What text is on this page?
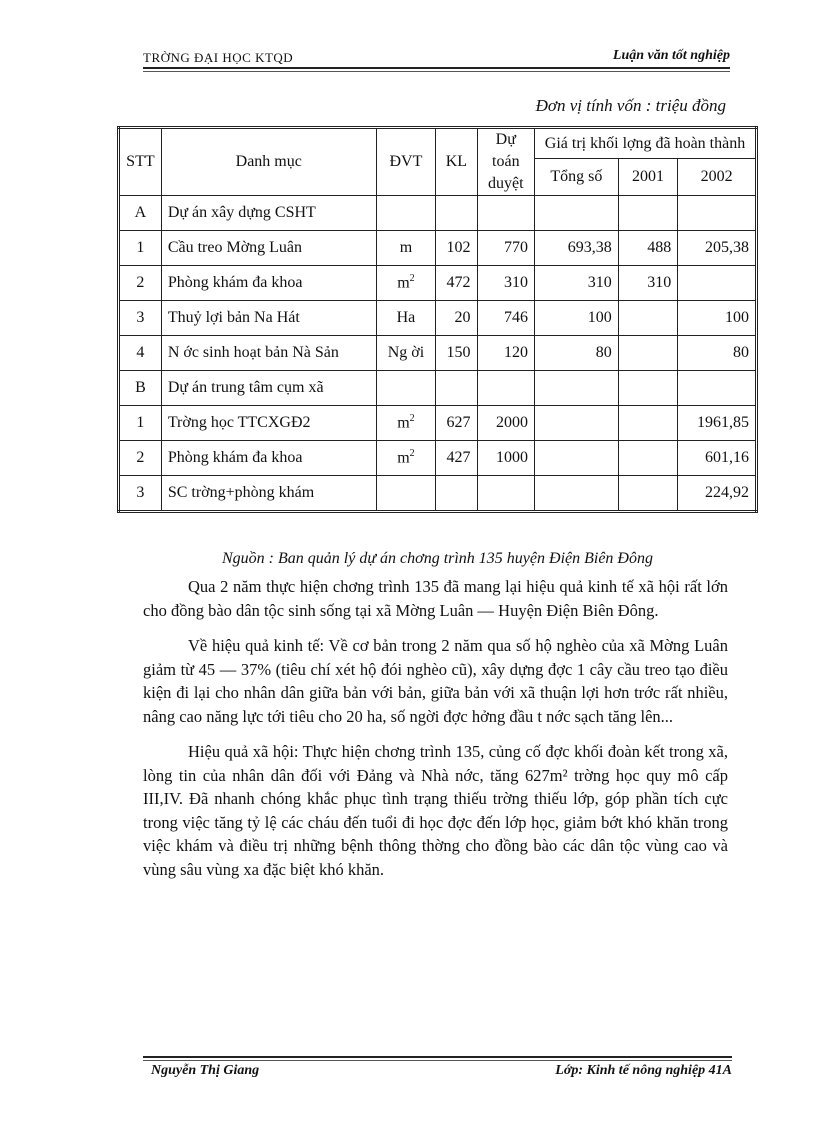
TRỜNG ĐẠI HỌC KTQD	Luận văn tốt nghiệp
Đơn vị tính vốn : triệu đồng
STT	Danh mục	ĐVT	KL	Dự toán duyệt	Giá trị khối lợng đã hoàn thành		
					Tổng số	2001	2002
A	Dự án xây dựng CSHT						
1	Cầu treo Mờng Luân	m	102	770	693,38	488	205,38
2	Phòng khám đa khoa	$m^2$	472	310	310	310	
3	Thuỷ lợi bản Na Hát	Ha	20	746	100		100
4	N ớc sinh hoạt bản Nà Sản	Ng ời	150	120	80		80
B	Dự án trung tâm cụm xã						
1	Trờng học TTCXGĐ2	$m^2$	627	2000			1961,85
2	Phòng khám đa khoa	$m^2$	427	1000			601,16
3	SC trờng+phòng khám						224,92
Nguồn : Ban quản lý dự án chơng trình 135 huyện Điện Biên Đông

Qua 2 năm thực hiện chơng trình 135 đã mang lại hiệu quả kinh tế xã hội rất lớn cho đồng bào dân tộc sinh sống tại xã Mờng Luân — Huyện Điện Biên Đông.

Về hiệu quả kinh tế: Về cơ bản trong 2 năm qua số hộ nghèo của xã Mờng Luân giảm từ 45 — 37% (tiêu chí xét hộ đói nghèo cũ), xây dựng đợc 1 cây cầu treo tạo điều kiện đi lại cho nhân dân giữa bản với bản, giữa bản với xã thuận lợi hơn trớc rất nhiều, nâng cao năng lực tới tiêu cho 20 ha, số ngời đợc hởng đầu t nớc sạch tăng lên...

Hiệu quả xã hội: Thực hiện chơng trình 135, củng cố đợc khối đoàn kết trong xã, lòng tin của nhân dân đối với Đảng và Nhà nớc, tăng 627m² trờng học quy mô cấp III,IV. Đã nhanh chóng khắc phục tình trạng thiếu trờng thiếu lớp, góp phần tích cực trong việc tăng tỷ lệ các cháu đến tuổi đi học đợc đến lớp học, giảm bớt khó khăn trong việc khám và điều trị những bệnh thông thờng cho đồng bào các dân tộc vùng cao và vùng sâu vùng xa đặc biệt khó khăn.

Nguyễn Thị Giang	Lớp: Kinh tế nông nghiệp 41A
